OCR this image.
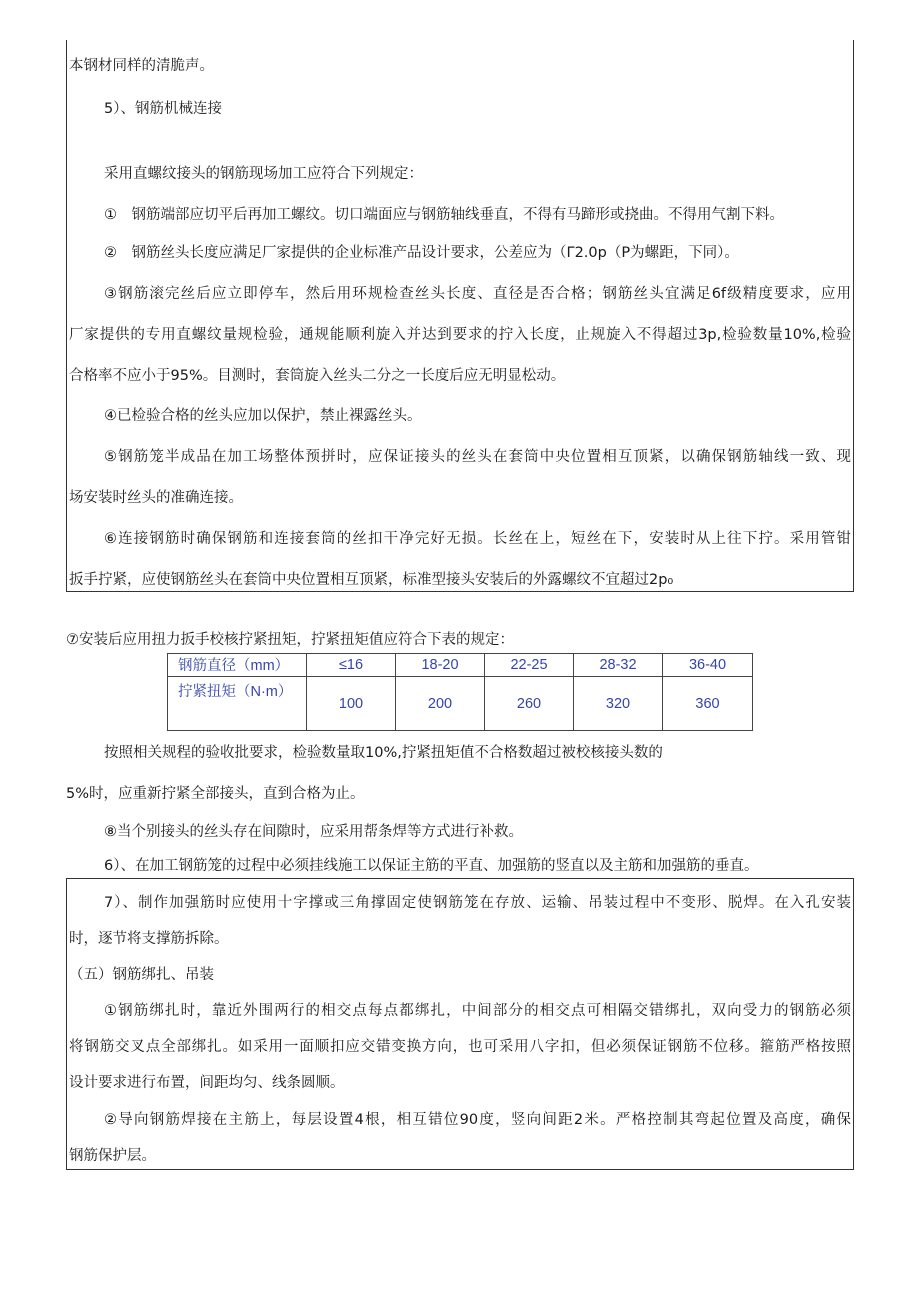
本钢材同样的清脆声。
5）、钢筋机械连接
采用直螺纹接头的钢筋现场加工应符合下列规定：
①　钢筋端部应切平后再加工螺纹。切口端面应与钢筋轴线垂直，不得有马蹄形或挠曲。不得用气割下料。
②　钢筋丝头长度应满足厂家提供的企业标准产品设计要求，公差应为（Γ2.0p（P为螺距，下同）。
③钢筋滚完丝后应立即停车，然后用环规检查丝头长度、直径是否合格；钢筋丝头宜满足6f级精度要求，应用
厂家提供的专用直螺纹量规检验，通规能顺利旋入并达到要求的拧入长度，止规旋入不得超过3p,检验数量10%,检验
合格率不应小于95%。目测时，套筒旋入丝头二分之一长度后应无明显松动。
④已检验合格的丝头应加以保护，禁止裸露丝头。
⑤钢筋笼半成品在加工场整体预拼时，应保证接头的丝头在套筒中央位置相互顶紧，以确保钢筋轴线一致、现
场安装时丝头的准确连接。
⑥连接钢筋时确保钢筋和连接套筒的丝扣干净完好无损。长丝在上，短丝在下，安装时从上往下拧。采用管钳
扳手拧紧，应使钢筋丝头在套筒中央位置相互顶紧，标准型接头安装后的外露螺纹不宜超过2p₀
⑦安装后应用扭力扳手校核拧紧扭矩，拧紧扭矩值应符合下表的规定：
钢筋直径（mm）	≤16	18-20	22-25	28-32	36-40
拧紧扭矩（N·m）	100	200	260	320	360
按照相关规程的验收批要求，检验数量取10%,拧紧扭矩值不合格数超过被校核接头数的
5%时，应重新拧紧全部接头，直到合格为止。
⑧当个别接头的丝头存在间隙时，应采用帮条焊等方式进行补救。
6）、在加工钢筋笼的过程中必须挂线施工以保证主筋的平直、加强筋的竖直以及主筋和加强筋的垂直。
7）、制作加强筋时应使用十字撑或三角撑固定使钢筋笼在存放、运输、吊装过程中不变形、脱焊。在入孔安装
时，逐节将支撑筋拆除。
（五）钢筋绑扎、吊装
①钢筋绑扎时，靠近外围两行的相交点每点都绑扎，中间部分的相交点可相隔交错绑扎，双向受力的钢筋必须
将钢筋交叉点全部绑扎。如采用一面顺扣应交错变换方向，也可采用八字扣，但必须保证钢筋不位移。箍筋严格按照
设计要求进行布置，间距均匀、线条圆顺。
②导向钢筋焊接在主筋上，每层设置4根，相互错位90度，竖向间距2米。严格控制其弯起位置及高度，确保
钢筋保护层。
